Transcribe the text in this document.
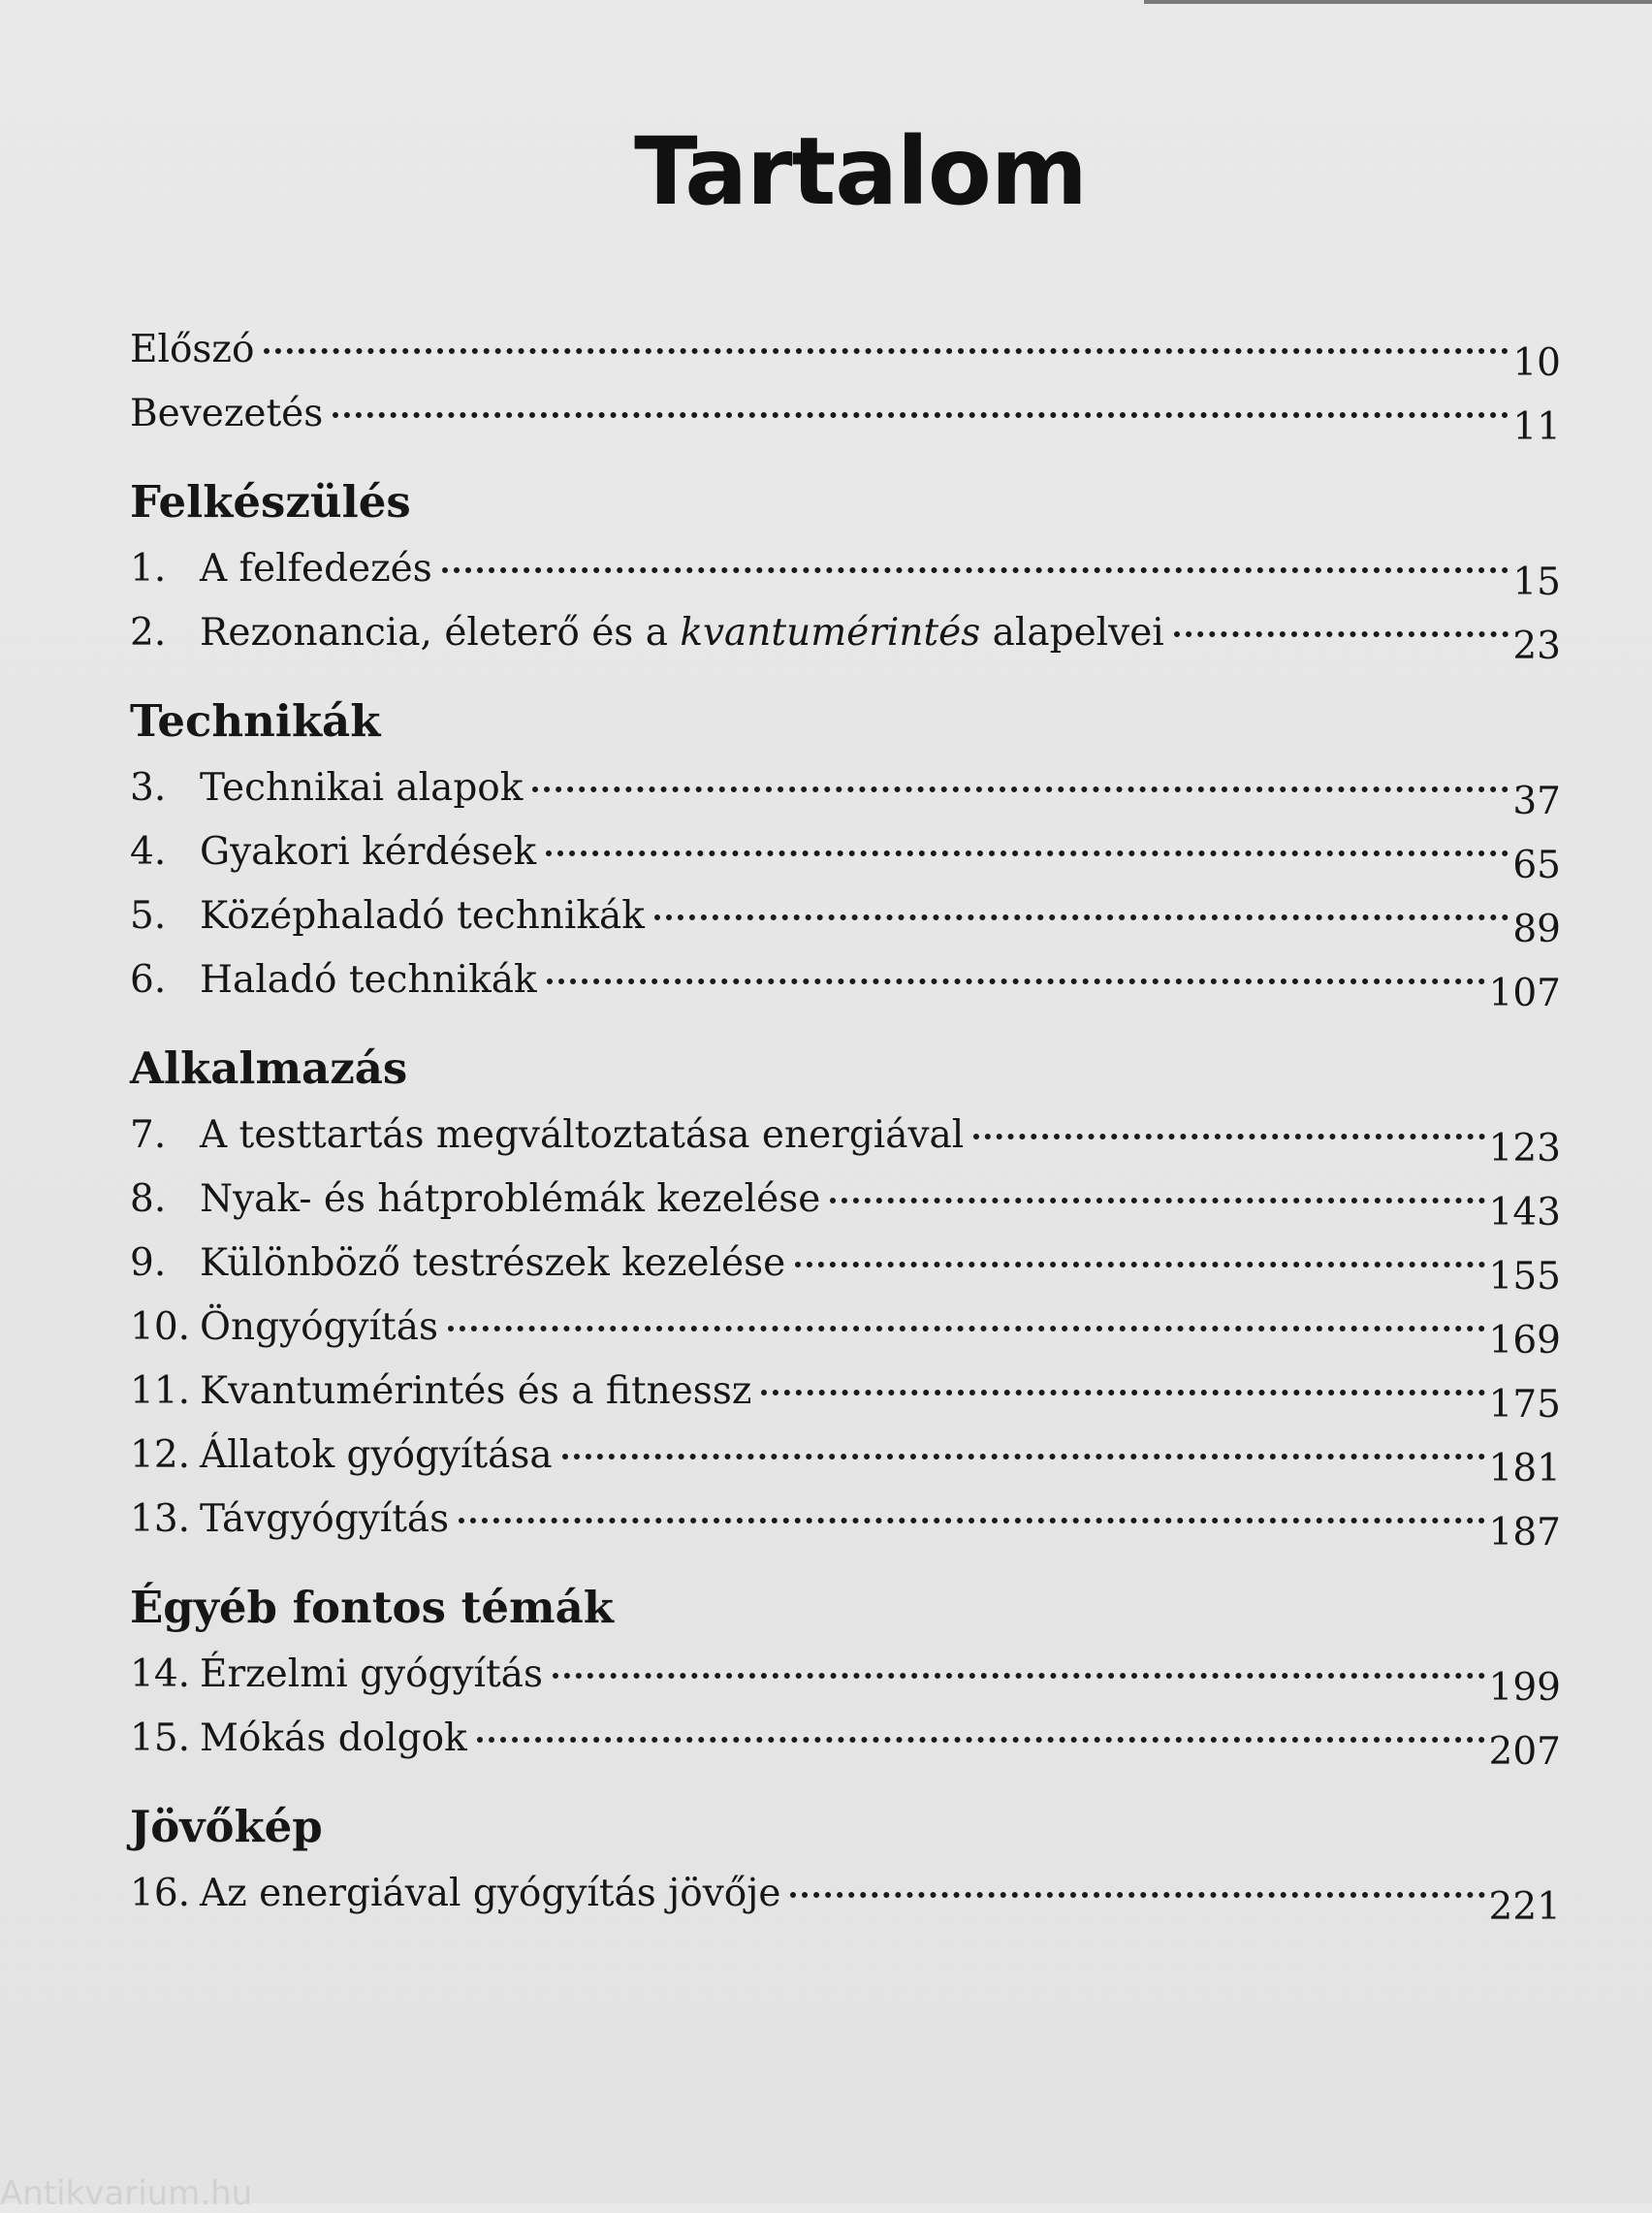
Tartalom
Előszó	10
Bevezetés	11
Felkészülés
1. A felfedezés	15
2. Rezonancia, életerő és a kvantumérintés alapelvei	23
Technikák
3. Technikai alapok	37
4. Gyakori kérdések	65
5. Középhaladó technikák	89
6. Haladó technikák	107
Alkalmazás
7. A testtartás megváltoztatása energiával	123
8. Nyak- és hátproblémák kezelése	143
9. Különböző testrészek kezelése	155
10. Öngyógyítás	169
11. Kvantumérintés és a fitnessz	175
12. Állatok gyógyítása	181
13. Távgyógyítás	187
Égyéb fontos témák
14. Érzelmi gyógyítás	199
15. Mókás dolgok	207
Jövőkép
16. Az energiával gyógyítás jövője	221
Antikvarium.hu
